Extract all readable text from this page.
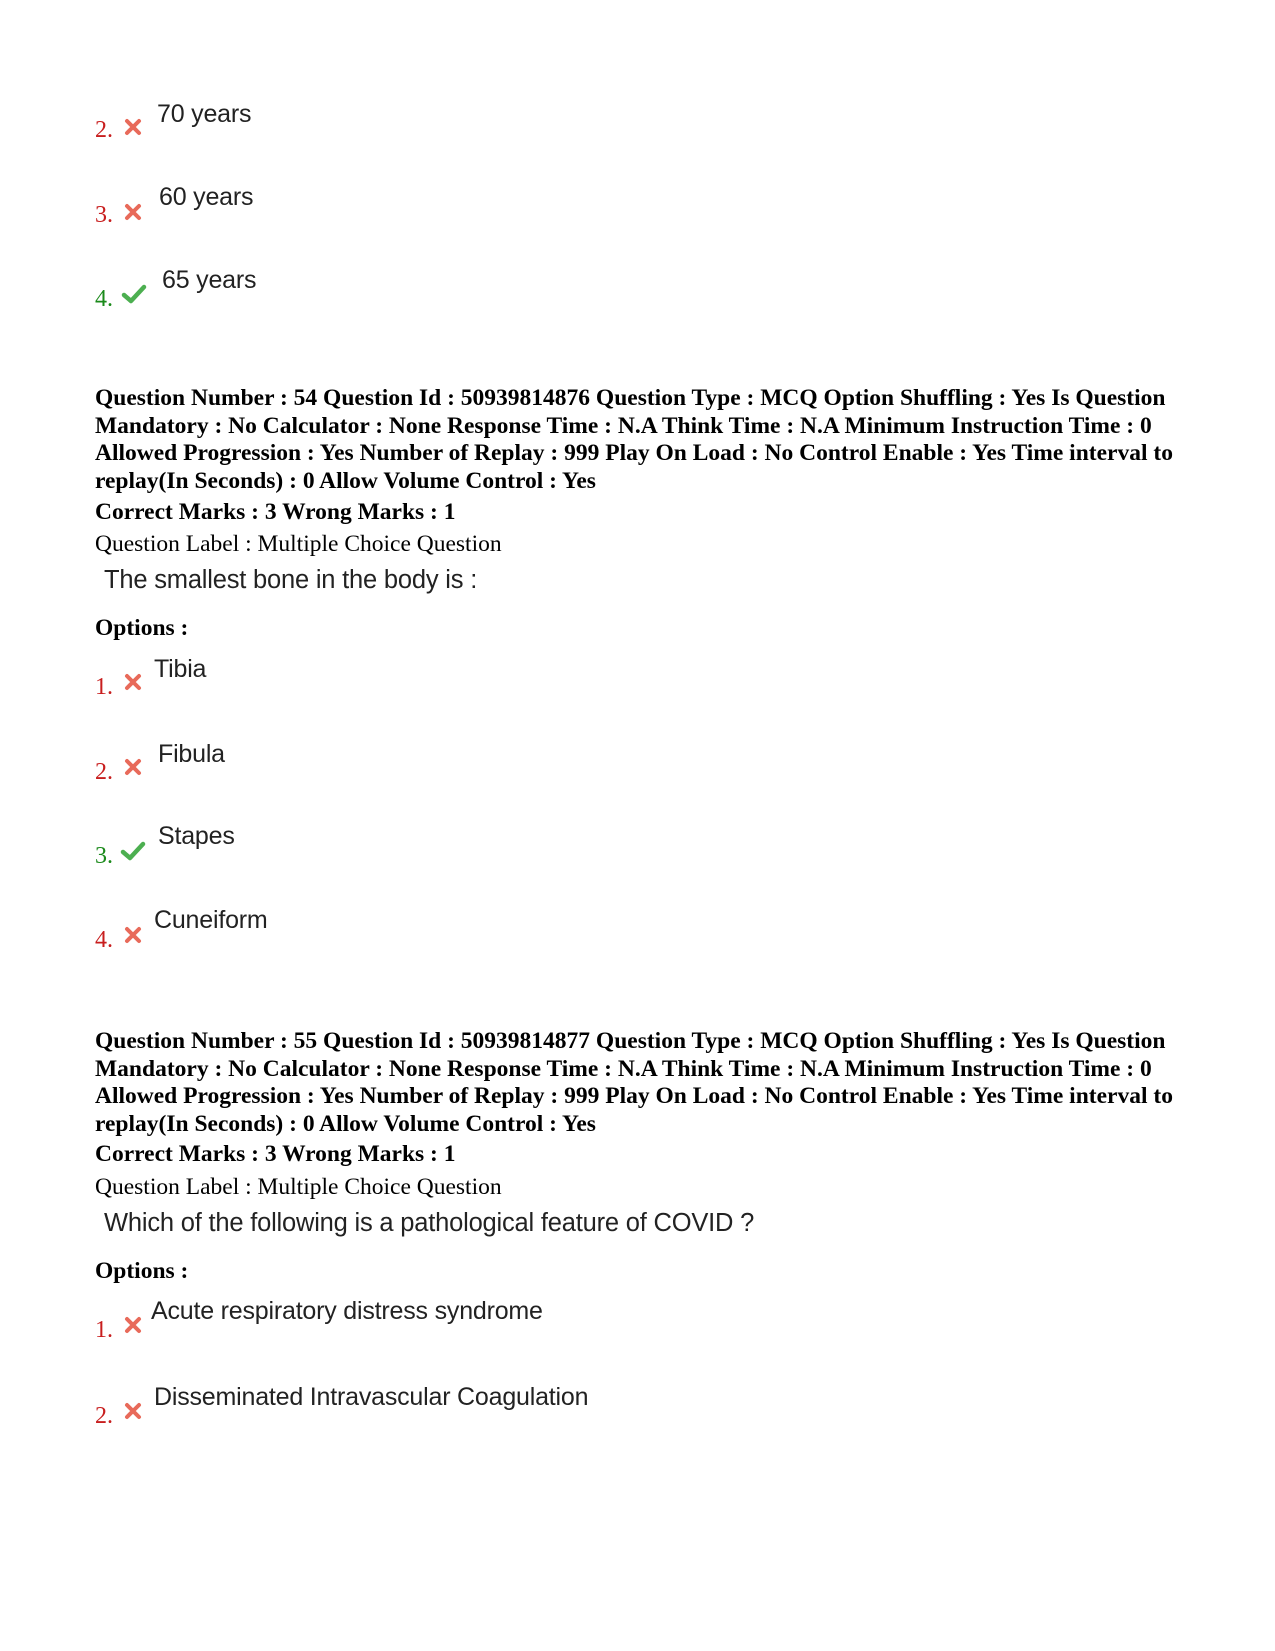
2.
70 years
3.
60 years
4.
65 years

Question Number : 54 Question Id : 50939814876 Question Type : MCQ Option Shuffling : Yes Is Question Mandatory : No Calculator : None Response Time : N.A Think Time : N.A Minimum Instruction Time : 0 Allowed Progression : Yes Number of Replay : 999 Play On Load : No Control Enable : Yes Time interval to replay(In Seconds) : 0 Allow Volume Control : Yes

Correct Marks : 3 Wrong Marks : 1

Question Label : Multiple Choice Question

The smallest bone in the body is :

Options :

1.
Tibia
2.
Fibula
3.
Stapes
4.
Cuneiform

Question Number : 55 Question Id : 50939814877 Question Type : MCQ Option Shuffling : Yes Is Question Mandatory : No Calculator : None Response Time : N.A Think Time : N.A Minimum Instruction Time : 0 Allowed Progression : Yes Number of Replay : 999 Play On Load : No Control Enable : Yes Time interval to replay(In Seconds) : 0 Allow Volume Control : Yes

Correct Marks : 3 Wrong Marks : 1

Question Label : Multiple Choice Question

Which of the following is a pathological feature of COVID ?

Options :

1.
Acute respiratory distress syndrome
2.
Disseminated Intravascular Coagulation
